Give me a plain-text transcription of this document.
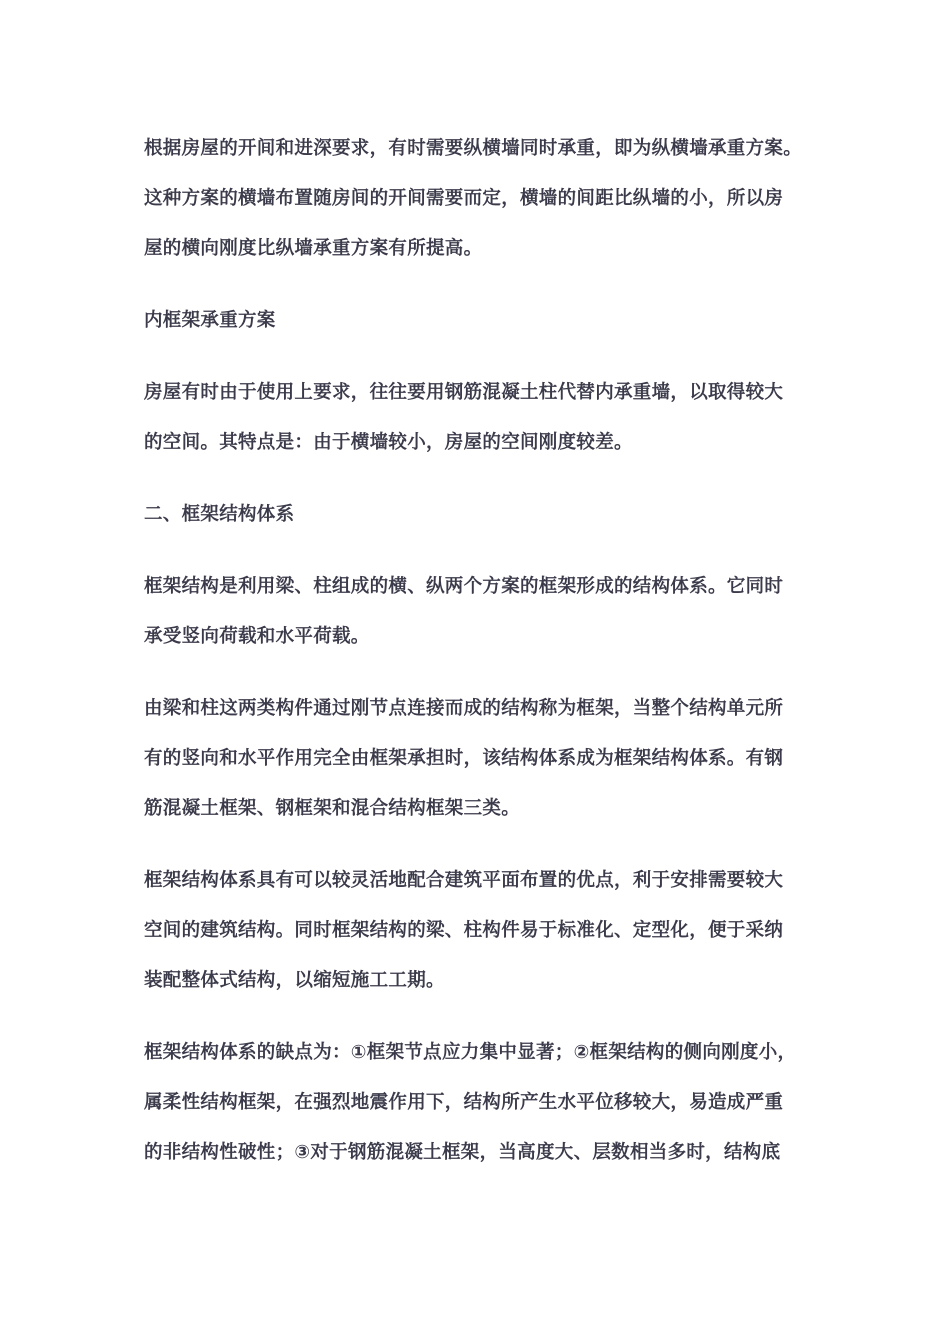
根据房屋的开间和进深要求，有时需要纵横墙同时承重，即为纵横墙承重方案。
这种方案的横墙布置随房间的开间需要而定，横墙的间距比纵墙的小，所以房
屋的横向刚度比纵墙承重方案有所提高。

内框架承重方案

房屋有时由于使用上要求，往往要用钢筋混凝土柱代替内承重墙，以取得较大
的空间。其特点是：由于横墙较小，房屋的空间刚度较差。

二、框架结构体系

框架结构是利用梁、柱组成的横、纵两个方案的框架形成的结构体系。它同时
承受竖向荷载和水平荷载。

由梁和柱这两类构件通过刚节点连接而成的结构称为框架，当整个结构单元所
有的竖向和水平作用完全由框架承担时，该结构体系成为框架结构体系。有钢
筋混凝土框架、钢框架和混合结构框架三类。

框架结构体系具有可以较灵活地配合建筑平面布置的优点，利于安排需要较大
空间的建筑结构。同时框架结构的梁、柱构件易于标准化、定型化，便于采纳
装配整体式结构，以缩短施工工期。

框架结构体系的缺点为：①框架节点应力集中显著；②框架结构的侧向刚度小，
属柔性结构框架，在强烈地震作用下，结构所产生水平位移较大，易造成严重
的非结构性破性；③对于钢筋混凝土框架，当高度大、层数相当多时，结构底
